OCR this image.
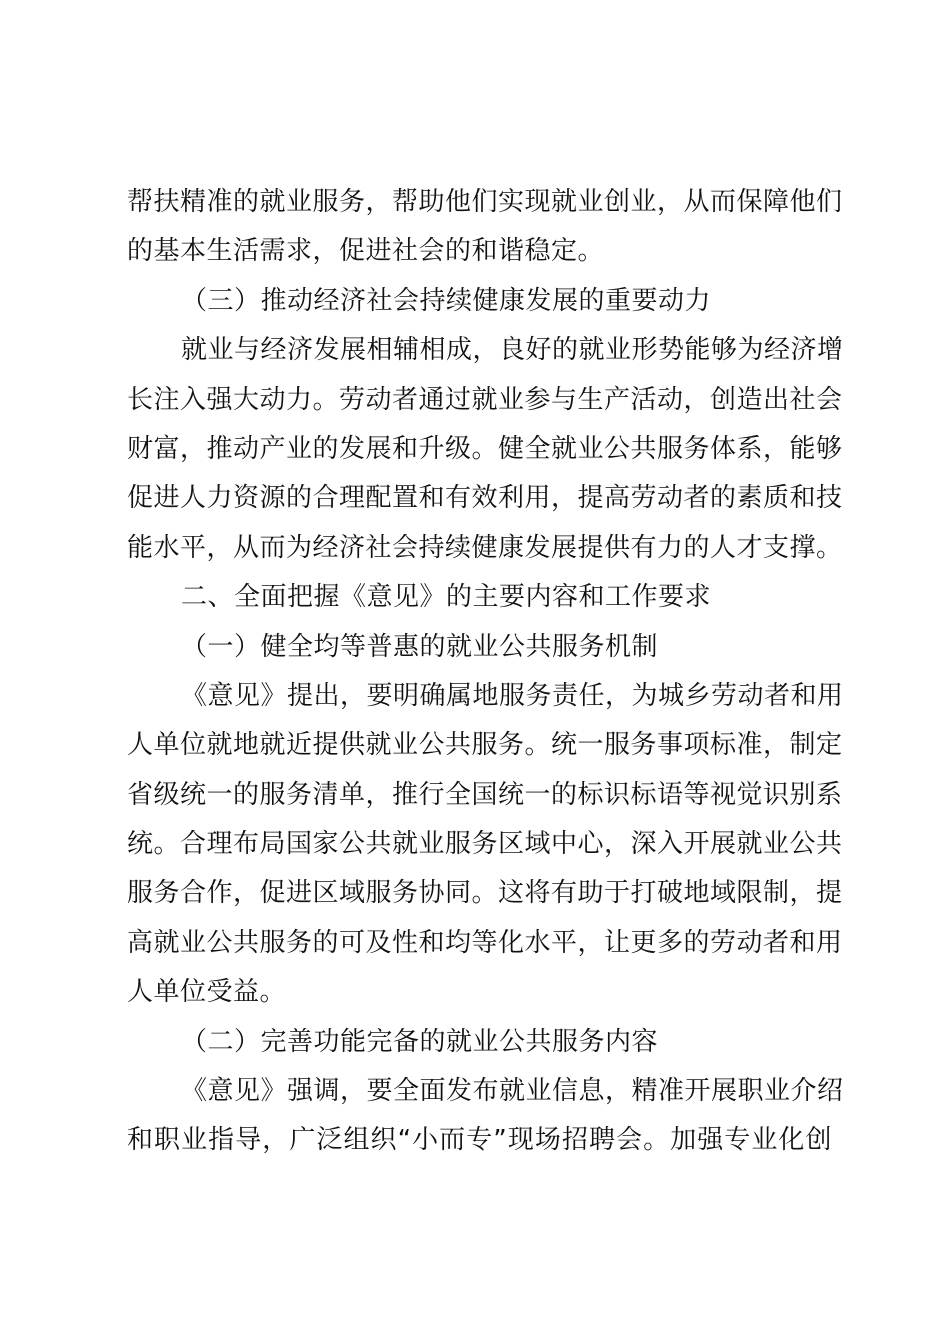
帮扶精准的就业服务，帮助他们实现就业创业，从而保障他们
的基本生活需求，促进社会的和谐稳定。
（三）推动经济社会持续健康发展的重要动力
就业与经济发展相辅相成，良好的就业形势能够为经济增
长注入强大动力。劳动者通过就业参与生产活动，创造出社会
财富，推动产业的发展和升级。健全就业公共服务体系，能够
促进人力资源的合理配置和有效利用，提高劳动者的素质和技
能水平，从而为经济社会持续健康发展提供有力的人才支撑。
二、全面把握《意见》的主要内容和工作要求
（一）健全均等普惠的就业公共服务机制
《意见》提出，要明确属地服务责任，为城乡劳动者和用
人单位就地就近提供就业公共服务。统一服务事项标准，制定
省级统一的服务清单，推行全国统一的标识标语等视觉识别系
统。合理布局国家公共就业服务区域中心，深入开展就业公共
服务合作，促进区域服务协同。这将有助于打破地域限制，提
高就业公共服务的可及性和均等化水平，让更多的劳动者和用
人单位受益。
（二）完善功能完备的就业公共服务内容
《意见》强调，要全面发布就业信息，精准开展职业介绍
和职业指导，广泛组织“小而专”现场招聘会。加强专业化创
